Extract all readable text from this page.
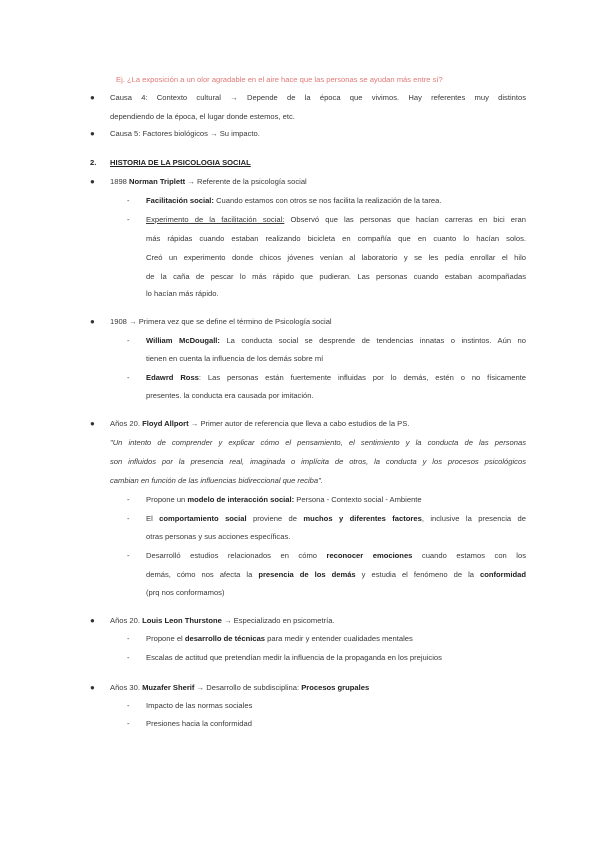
Ej. ¿La exposición a un olor agradable en el aire hace que las personas se ayudan más entre sí?
● Causa 4: Contexto cultural → Depende de la época que vivimos. Hay referentes muy distintos
dependiendo de la época, el lugar donde estemos, etc.
● Causa 5: Factores biológicos → Su impacto.
2. HISTORIA DE LA PSICOLOGIA SOCIAL
● 1898 Norman Triplett → Referente de la psicología social
- Facilitación social: Cuando estamos con otros se nos facilita la realización de la tarea.
- Experimento de la facilitación social: Observó que las personas que hacían carreras en bici eran
más rápidas cuando estaban realizando bicicleta en compañía que en cuanto lo hacían solos.
Creó un experimento donde chicos jóvenes venían al laboratorio y se les pedía enrollar el hilo
de la caña de pescar lo más rápido que pudieran. Las personas cuando estaban acompañadas
lo hacían más rápido.
● 1908 → Primera vez que se define el término de Psicología social
- William McDougall: La conducta social se desprende de tendencias innatas o instintos. Aún no
tienen en cuenta la influencia de los demás sobre mí
- Edawrd Ross: Las personas están fuertemente influidas por lo demás, estén o no físicamente
presentes. la conducta era causada por imitación.
● Años 20. Floyd Allport → Primer autor de referencia que lleva a cabo estudios de la PS.
"Un intento de comprender y explicar cómo el pensamiento, el sentimiento y la conducta de las personas
son influidos por la presencia real, imaginada o implícita de otros, la conducta y los procesos psicológicos
cambian en función de las influencias bidireccional que reciba".
- Propone un modelo de interacción social: Persona - Contexto social - Ambiente
- El comportamiento social proviene de muchos y diferentes factores, inclusive la presencia de
otras personas y sus acciones específicas.
- Desarrolló estudios relacionados en cómo reconocer emociones cuando estamos con los
demás, cómo nos afecta la presencia de los demás y estudia el fenómeno de la conformidad
(prq nos conformamos)
● Años 20. Louis Leon Thurstone → Especializado en psicometría.
- Propone el desarrollo de técnicas para medir y entender cualidades mentales
- Escalas de actitud que pretendían medir la influencia de la propaganda en los prejuicios
● Años 30. Muzafer Sherif → Desarrollo de subdisciplina: Procesos grupales
- Impacto de las normas sociales
- Presiones hacia la conformidad
